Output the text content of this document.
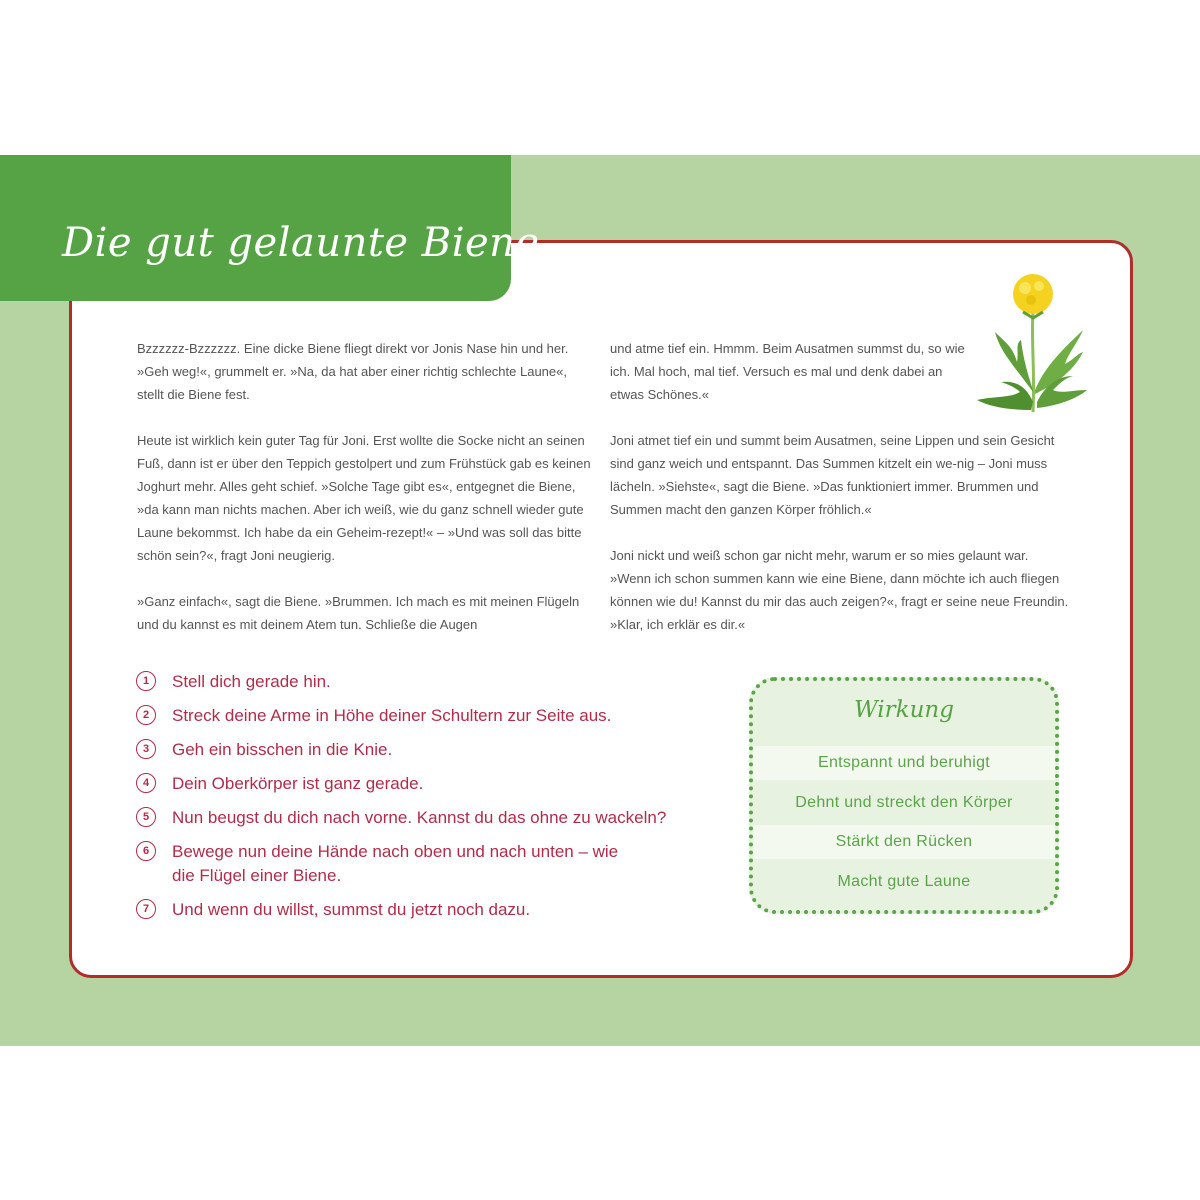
Die gut gelaunte Biene

Bzzzzzz-Bzzzzzz. Eine dicke Biene fliegt direkt vor Jonis Nase hin und her. »Geh weg!«, grummelt er. »Na, da hat aber einer richtig schlechte Laune«, stellt die Biene fest.

Heute ist wirklich kein guter Tag für Joni. Erst wollte die Socke nicht an seinen Fuß, dann ist er über den Teppich gestolpert und zum Frühstück gab es keinen Joghurt mehr. Alles geht schief. »Solche Tage gibt es«, entgegnet die Biene, »da kann man nichts machen. Aber ich weiß, wie du ganz schnell wieder gute Laune bekommst. Ich habe da ein Geheim-rezept!« – »Und was soll das bitte schön sein?«, fragt Joni neugierig.

»Ganz einfach«, sagt die Biene. »Brummen. Ich mach es mit meinen Flügeln und du kannst es mit deinem Atem tun. Schließe die Augen

und atme tief ein. Hmmm. Beim Ausatmen summst du, so wie ich. Mal hoch, mal tief. Versuch es mal und denk dabei an etwas Schönes.«

Joni atmet tief ein und summt beim Ausatmen, seine Lippen und sein Gesicht sind ganz weich und entspannt. Das Summen kitzelt ein we-nig – Joni muss lächeln. »Siehste«, sagt die Biene. »Das funktioniert immer. Brummen und Summen macht den ganzen Körper fröhlich.«

Joni nickt und weiß schon gar nicht mehr, warum er so mies gelaunt war. »Wenn ich schon summen kann wie eine Biene, dann möchte ich auch fliegen können wie du! Kannst du mir das auch zeigen?«, fragt er seine neue Freundin. »Klar, ich erklär es dir.«

1	Stell dich gerade hin.
2	Streck deine Arme in Höhe deiner Schultern zur Seite aus.
3	Geh ein bisschen in die Knie.
4	Dein Oberkörper ist ganz gerade.
5	Nun beugst du dich nach vorne. Kannst du das ohne zu wackeln?
6	Bewege nun deine Hände nach oben und nach unten – wie die Flügel einer Biene.
7	Und wenn du willst, summst du jetzt noch dazu.
Wirkung
Entspannt und beruhigt
Dehnt und streckt den Körper
Stärkt den Rücken
Macht gute Laune
